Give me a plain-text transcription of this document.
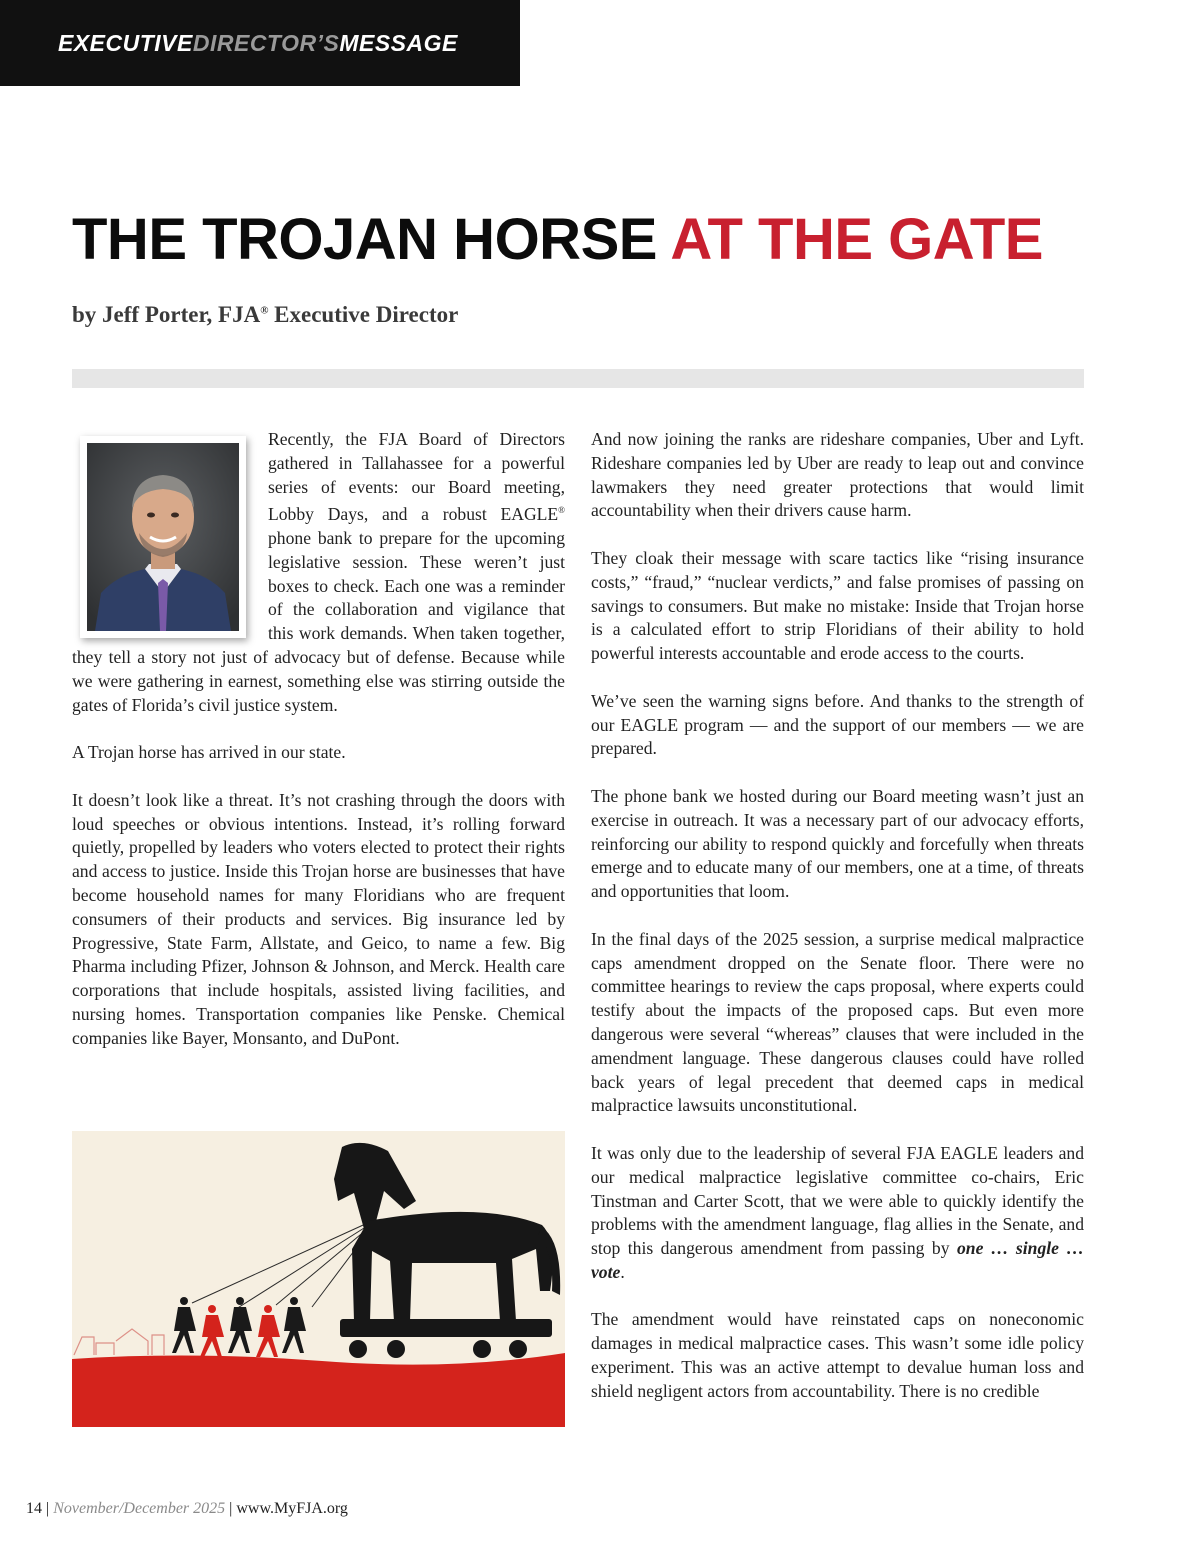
EXECUTIVEDIRECTOR’SMESSAGE
THE TROJAN HORSE AT THE GATE
by Jeff Porter, FJA® Executive Director

Recently, the FJA Board of Directors gathered in Tallahassee for a powerful series of events: our Board meeting, Lobby Days, and a robust EAGLE® phone bank to prepare for the upcoming legislative session. These weren’t just boxes to check. Each one was a reminder of the collaboration and vigilance that this work demands. When taken together, they tell a story not just of advocacy but of defense. Because while we were gathering in earnest, something else was stirring outside the gates of Florida’s civil justice system.

A Trojan horse has arrived in our state.

It doesn’t look like a threat. It’s not crashing through the doors with loud speeches or obvious intentions. Instead, it’s rolling forward quietly, propelled by leaders who voters elected to protect their rights and access to justice. Inside this Trojan horse are businesses that have become household names for many Floridians who are frequent consumers of their products and services. Big insurance led by Progressive, State Farm, Allstate, and Geico, to name a few. Big Pharma including Pfizer, Johnson & Johnson, and Merck. Health care corporations that include hospitals, assisted living facilities, and nursing homes. Transportation companies like Penske. Chemical companies like Bayer, Monsanto, and DuPont.

And now joining the ranks are rideshare companies, Uber and Lyft. Rideshare companies led by Uber are ready to leap out and convince lawmakers they need greater protections that would limit accountability when their drivers cause harm.

They cloak their message with scare tactics like “rising insurance costs,” “fraud,” “nuclear verdicts,” and false promises of passing on savings to consumers. But make no mistake: Inside that Trojan horse is a calculated effort to strip Floridians of their ability to hold powerful interests accountable and erode access to the courts.

We’ve seen the warning signs before. And thanks to the strength of our EAGLE program — and the support of our members — we are prepared.

The phone bank we hosted during our Board meeting wasn’t just an exercise in outreach. It was a necessary part of our advocacy efforts, reinforcing our ability to respond quickly and forcefully when threats emerge and to educate many of our members, one at a time, of threats and opportunities that loom.

In the final days of the 2025 session, a surprise medical malpractice caps amendment dropped on the Senate floor. There were no committee hearings to review the caps proposal, where experts could testify about the impacts of the proposed caps. But even more dangerous were several “whereas” clauses that were included in the amendment language. These dangerous clauses could have rolled back years of legal precedent that deemed caps in medical malpractice lawsuits unconstitutional.

It was only due to the leadership of several FJA EAGLE leaders and our medical malpractice legislative committee co-chairs, Eric Tinstman and Carter Scott, that we were able to quickly identify the problems with the amendment language, flag allies in the Senate, and stop this dangerous amendment from passing by one … single … vote.

The amendment would have reinstated caps on noneconomic damages in medical malpractice cases. This wasn’t some idle policy experiment. This was an active attempt to devalue human loss and shield negligent actors from accountability. There is no credible

14 | November/December 2025 | www.MyFJA.org
